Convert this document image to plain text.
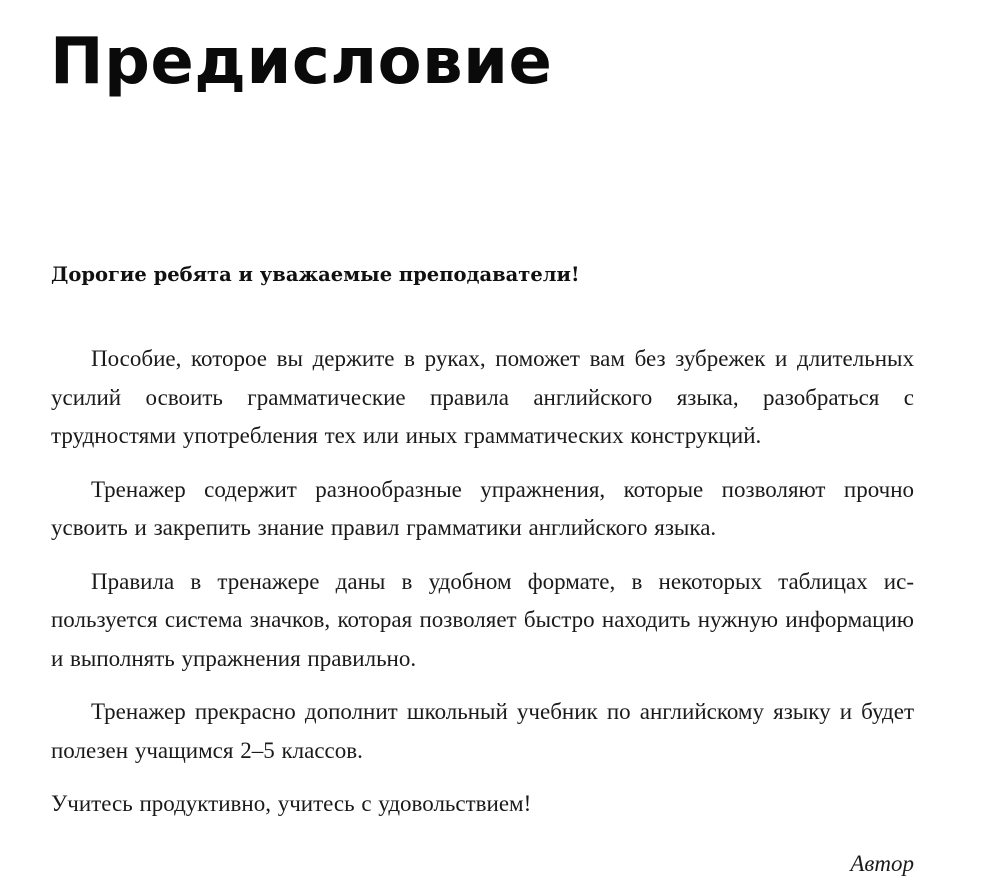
Предисловие

Дорогие ребята и уважаемые преподаватели!

Пособие, которое вы держите в руках, поможет вам без зубрежек и длительных усилий освоить грамматические правила английского языка, разобраться с трудностями употребления тех или иных грамматических конструкций.

Тренажер содержит разнообразные упражнения, которые позволяют прочно усвоить и закрепить знание правил грамматики английского языка.

Правила в тренажере даны в удобном формате, в некоторых таблицах используется система значков, которая позволяет быстро находить нужную информацию и выполнять упражнения правильно.

Тренажер прекрасно дополнит школьный учебник по английскому языку и будет полезен учащимся 2–5 классов.

Учитесь продуктивно, учитесь с удовольствием!

Автор
